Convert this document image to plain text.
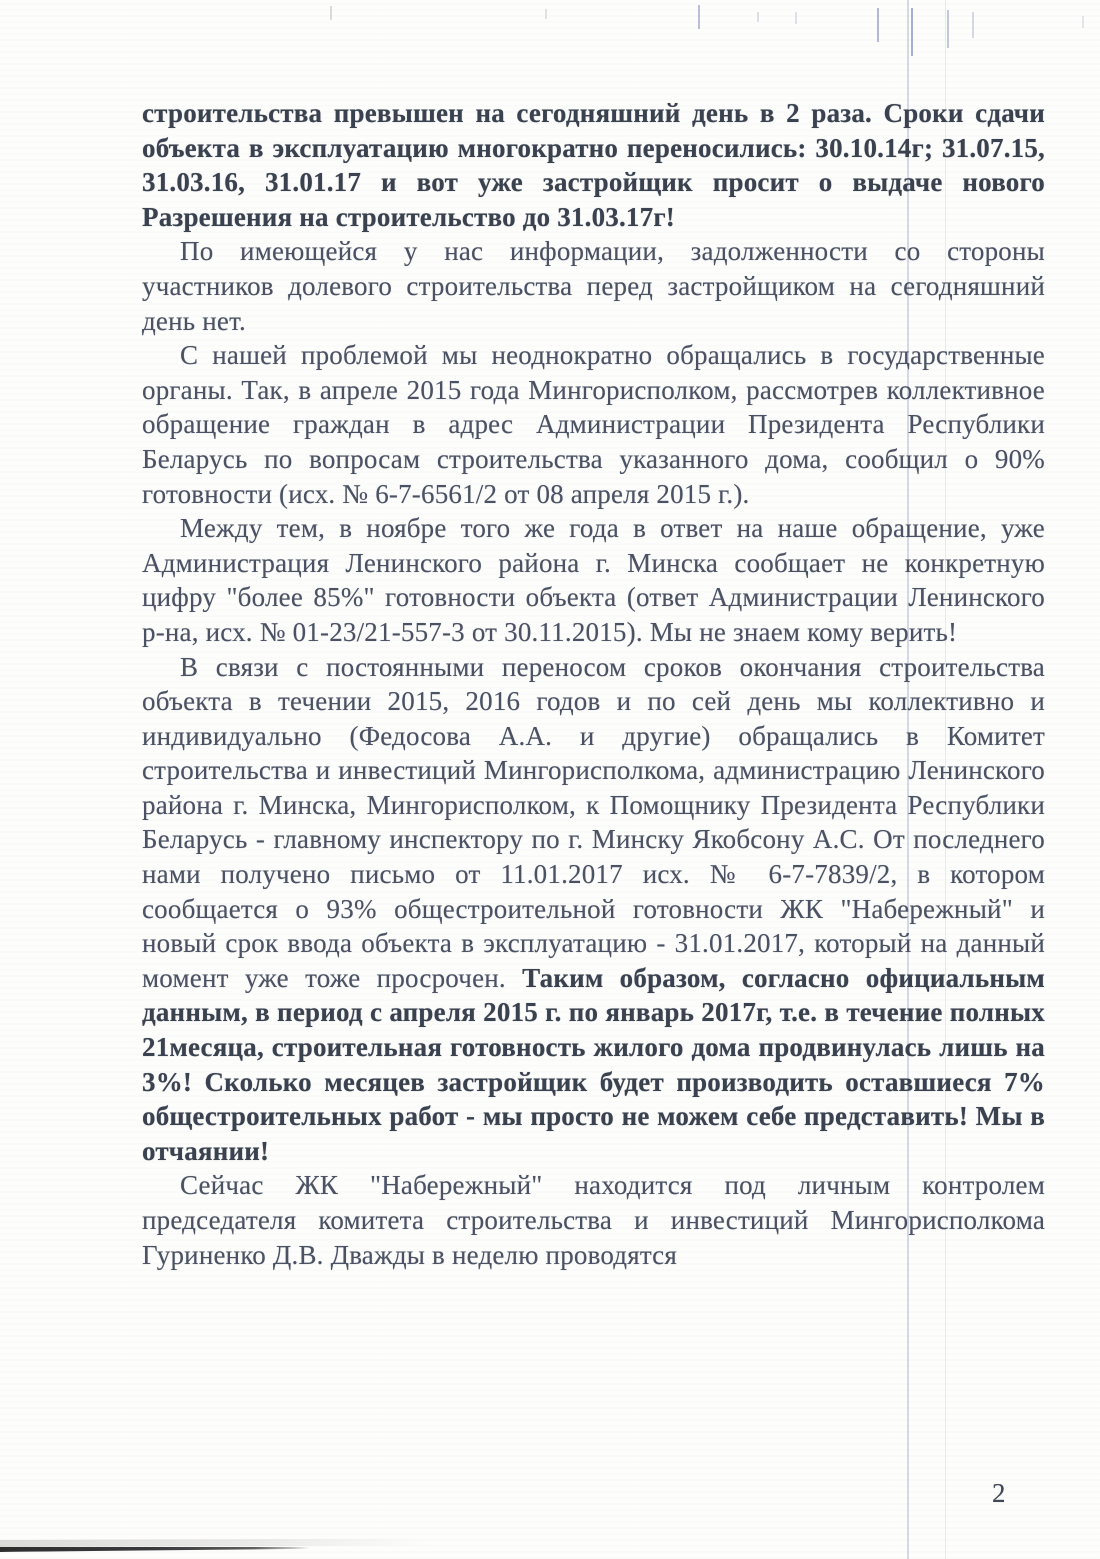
строительства превышен на сегодняшний день в 2 раза. Сроки сдачи объекта в эксплуатацию многократно переносились: 30.10.14г; 31.07.15, 31.03.16, 31.01.17 и вот уже застройщик просит о выдаче нового Разрешения на строительство до 31.03.17г!

По имеющейся у нас информации, задолженности со стороны участников долевого строительства перед застройщиком на сегодняшний день нет.

С нашей проблемой мы неоднократно обращались в государственные органы. Так, в апреле 2015 года Мингорисполком, рассмотрев коллективное обращение граждан в адрес Администрации Президента Республики Беларусь по вопросам строительства указанного дома, сообщил о 90% готовности (исх. № 6-7-6561/2 от 08 апреля 2015 г.).

Между тем, в ноябре того же года в ответ на наше обращение, уже Администрация Ленинского района г. Минска сообщает не конкретную цифру "более 85%" готовности объекта (ответ Администрации Ленинского р-на, исх. № 01-23/21-557-3 от 30.11.2015). Мы не знаем кому верить!

В связи с постоянными переносом сроков окончания строительства объекта в течении 2015, 2016 годов и по сей день мы коллективно и индивидуально (Федосова А.А. и другие) обращались в Комитет строительства и инвестиций Мингорисполкома, администрацию Ленинского района г. Минска, Мингорисполком, к Помощнику Президента Республики Беларусь - главному инспектору по г. Минску Якобсону А.С. От последнего нами получено письмо от 11.01.2017 исх. № 6-7-7839/2, в котором сообщается о 93% общестроительной готовности ЖК "Набережный" и новый срок ввода объекта в эксплуатацию - 31.01.2017, который на данный момент уже тоже просрочен. Таким образом, согласно официальным данным, в период с апреля 2015 г. по январь 2017г, т.е. в течение полных 21месяца, строительная готовность жилого дома продвинулась лишь на 3%! Сколько месяцев застройщик будет производить оставшиеся 7% общестроительных работ - мы просто не можем себе представить! Мы в отчаянии!

Сейчас ЖК "Набережный" находится под личным контролем председателя комитета строительства и инвестиций Мингорисполкома Гуриненко Д.В. Дважды в неделю проводятся

2
